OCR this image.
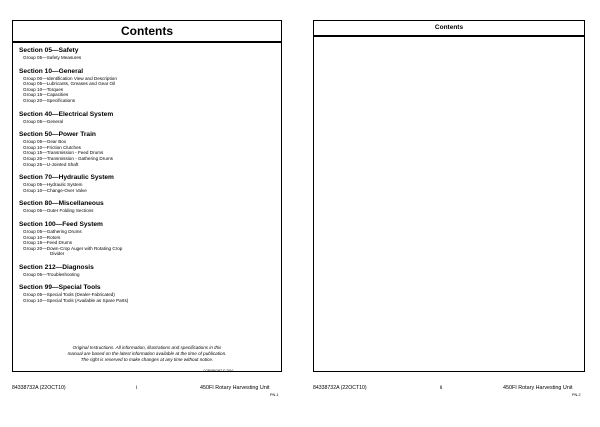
Contents
Section 05—Safety
Group 05—Safety Measures
Section 10—General
Group 00—Identification View and Description
Group 05—Lubricants, Greases and Gear Oil
Group 10—Torques
Group 15—Capacities
Group 20—Specifications
Section 40—Electrical System
Group 05—General
Section 50—Power Train
Group 05—Gear Box
Group 10—Friction Clutches
Group 15—Transmission - Feed Drums
Group 20—Transmission - Gathering Drums
Group 25—U-Jointed Shaft
Section 70—Hydraulic System
Group 05—Hydraulic System
Group 10—Change-Over Valve
Section 80—Miscellaneous
Group 05—Outer Folding Sections
Section 100—Feed System
Group 05—Gathering Drums
Group 10—Rotors
Group 15—Feed Drums
Group 20—Down-Crop Auger with Rotating Crop
Divider
Section 212—Diagnosis
Group 05—Troubleshooting
Section 99—Special Tools
Group 05—Special Tools (Dealer-Fabricated)
Group 10—Special Tools (Available as Spare Parts)
Original Instructions. All information, illustrations and specifications in this
manual are based on the latest information available at the time of publication.
The right is reserved to make changes at any time without notice.
COPYRIGHT © 2010
84338732A (22OCT10)	i	450FI Rotary Harvesting Unit
PN-1
Contents
84338732A (22OCT10)	ii	450FI Rotary Harvesting Unit
PN-2
